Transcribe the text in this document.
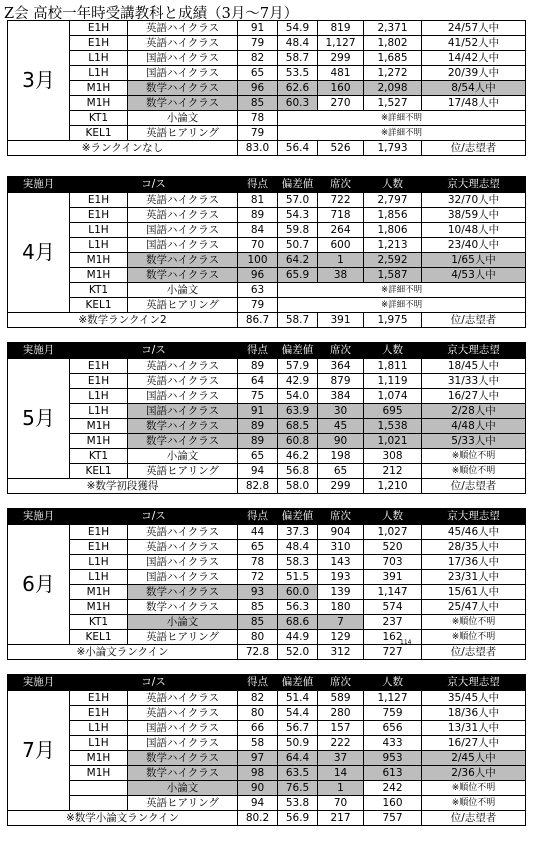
Z会 高校一年時受講教科と成績（3月〜7月）
3月	E1H	英語ハイクラス	91	54.9	819	2,371	24/57人中
	E1H	英語ハイクラス	79	48.4	1,127	1,802	41/52人中
	L1H	国語ハイクラス	82	58.7	299	1,685	14/42人中
	L1H	国語ハイクラス	65	53.5	481	1,272	20/39人中
	M1H	数学ハイクラス	96	62.6	160	2,098	8/54人中
	M1H	数学ハイクラス	85	60.3	270	1,527	17/48人中
	KT1	小論文	78	※詳細不明			
	KEL1	英語ヒアリング	79	※詳細不明			
※ランクインなし			83.0	56.4	526	1,793	位/志望者
実施月	コ/ス		得点	偏差値	席次	人数	京大理志望
4月	E1H	英語ハイクラス	81	57.0	722	2,797	32/70人中
	E1H	英語ハイクラス	89	54.3	718	1,856	38/59人中
	L1H	国語ハイクラス	84	59.8	264	1,806	10/48人中
	L1H	国語ハイクラス	70	50.7	600	1,213	23/40人中
	M1H	数学ハイクラス	100	64.2	1	2,592	1/65人中
	M1H	数学ハイクラス	96	65.9	38	1,587	4/53人中
	KT1	小論文	63	※詳細不明			
	KEL1	英語ヒアリング	79	※詳細不明			
※数学ランクイン2			86.7	58.7	391	1,975	位/志望者
実施月	コ/ス		得点	偏差値	席次	人数	京大理志望
5月	E1H	英語ハイクラス	89	57.9	364	1,811	18/45人中
	E1H	英語ハイクラス	64	42.9	879	1,119	31/33人中
	L1H	国語ハイクラス	75	54.0	384	1,074	16/27人中
	L1H	国語ハイクラス	91	63.9	30	695	2/28人中
	M1H	数学ハイクラス	89	68.5	45	1,538	4/48人中
	M1H	数学ハイクラス	89	60.8	90	1,021	5/33人中
	KT1	小論文	65	46.2	198	308	※順位不明
	KEL1	英語ヒアリング	94	56.8	65	212	※順位不明
※数学初段獲得			82.8	58.0	299	1,210	位/志望者
実施月	コ/ス		得点	偏差値	席次	人数	京大理志望
6月	E1H	英語ハイクラス	44	37.3	904	1,027	45/46人中
	E1H	英語ハイクラス	65	48.4	310	520	28/35人中
	L1H	国語ハイクラス	78	58.3	143	703	17/36人中
	L1H	国語ハイクラス	72	51.5	193	391	23/31人中
	M1H	数学ハイクラス	93	60.0	139	1,147	15/61人中
	M1H	数学ハイクラス	85	56.3	180	574	25/47人中
	KT1	小論文	85	68.6	7	237	※順位不明
	KEL1	英語ヒアリング	80	44.9	129	162	※順位不明
※小論文ランクイン			72.8	52.0	312	727	位/志望者
実施月	コ/ス		得点	偏差値	席次	人数	京大理志望
7月	E1H	英語ハイクラス	82	51.4	589	1,127	35/45人中
	E1H	英語ハイクラス	80	54.4	280	759	18/36人中
	L1H	国語ハイクラス	66	56.7	157	656	13/31人中
	L1H	国語ハイクラス	58	50.9	222	433	16/27人中
	M1H	数学ハイクラス	97	64.4	37	953	2/45人中
	M1H	数学ハイクラス	98	63.5	14	613	2/36人中
		小論文	90	76.5	1	242	※順位不明
		英語ヒアリング	94	53.8	70	160	※順位不明
※数学小論文ランクイン			80.2	56.9	217	757	位/志望者
114
